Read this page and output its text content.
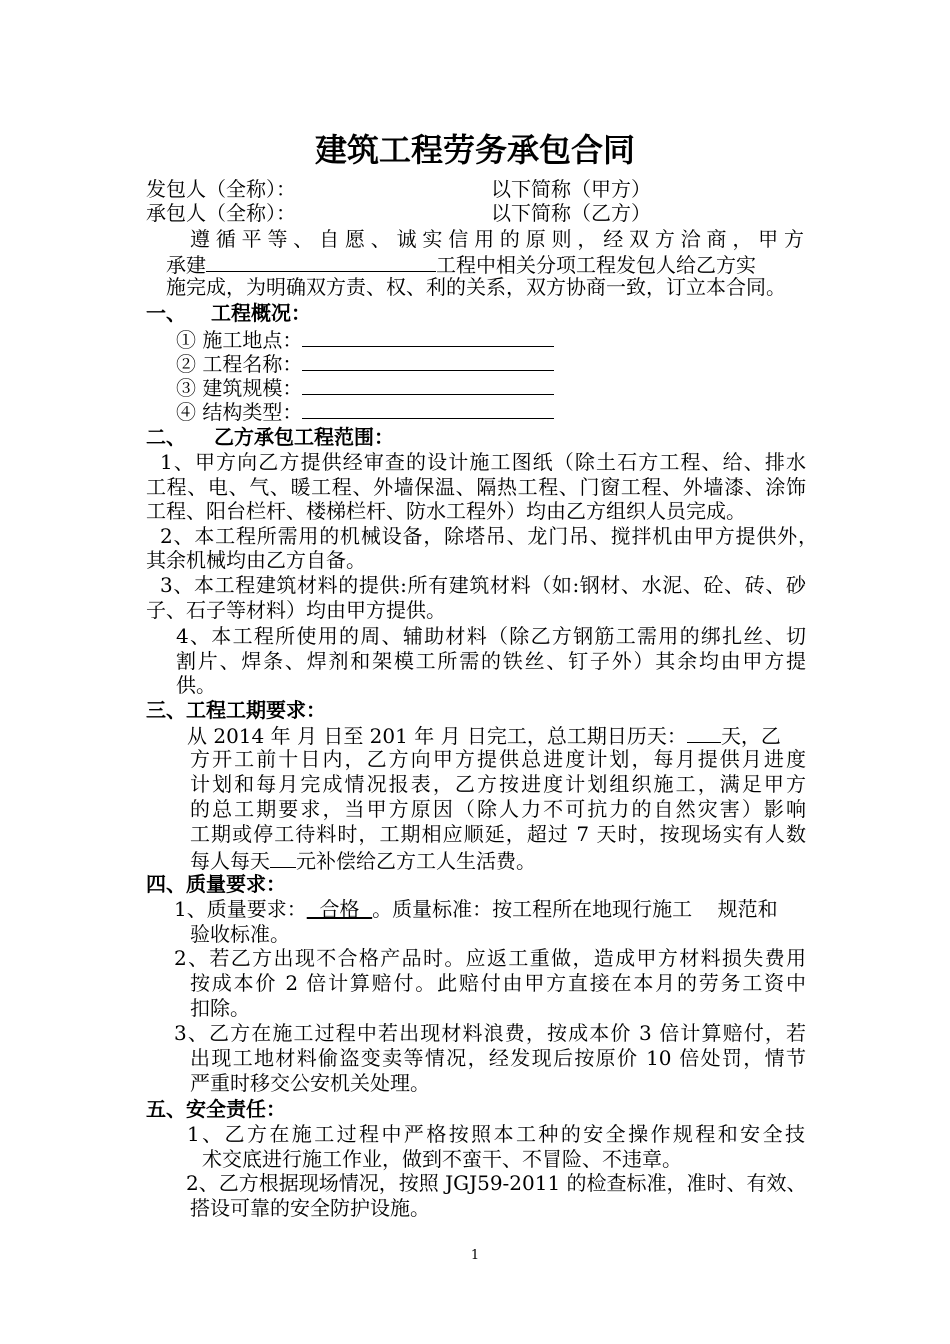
建筑工程劳务承包合同
发包人（全称）：	以下简称（甲方）
承包人（全称）：	以下简称（乙方）
遵循平等、自愿、诚实信用的原则，经双方洽商，甲方
承建	工程中相关分项工程发包人给乙方实
施完成，为明确双方责、权、利的关系，双方协商一致，订立本合同。
一、 工程概况：
① 施工地点：
② 工程名称：
③ 建筑规模：
④ 结构类型：
二、 乙方承包工程范围：
1、甲方向乙方提供经审查的设计施工图纸（除土石方工程、给、排水
工程、电、气、暖工程、外墙保温、隔热工程、门窗工程、外墙漆、涂饰
工程、阳台栏杆、楼梯栏杆、防水工程外）均由乙方组织人员完成。
2、本工程所需用的机械设备，除塔吊、龙门吊、搅拌机由甲方提供外，
其余机械均由乙方自备。
3、本工程建筑材料的提供:所有建筑材料（如:钢材、水泥、砼、砖、砂
子、石子等材料）均由甲方提供。
4、本工程所使用的周、辅助材料（除乙方钢筋工需用的绑扎丝、切
割片、焊条、焊剂和架模工所需的铁丝、钉子外）其余均由甲方提
供。
三、工程工期要求：
从 2014 年 月 日至 201 年 月 日完工，总工期日历天： 天，乙
方开工前十日内，乙方向甲方提供总进度计划，每月提供月进度
计划和每月完成情况报表，乙方按进度计划组织施工，满足甲方
的总工期要求，当甲方原因（除人力不可抗力的自然灾害）影响
工期或停工待料时，工期相应顺延，超过 7 天时，按现场实有人数
每人每天 元补偿给乙方工人生活费。
四、质量要求：
1、质量要求：  合格  。质量标准：按工程所在地现行施工    规范和
验收标准。
2、若乙方出现不合格产品时。应返工重做，造成甲方材料损失费用
按成本价 2 倍计算赔付。此赔付由甲方直接在本月的劳务工资中
扣除。
3、乙方在施工过程中若出现材料浪费，按成本价 3 倍计算赔付，若
出现工地材料偷盗变卖等情况，经发现后按原价 10 倍处罚，情节
严重时移交公安机关处理。
五、安全责任：
1、乙方在施工过程中严格按照本工种的安全操作规程和安全技
术交底进行施工作业，做到不蛮干、不冒险、不违章。
2、乙方根据现场情况，按照 JGJ59-2011 的检查标准，准时、有效、
搭设可靠的安全防护设施。
1
